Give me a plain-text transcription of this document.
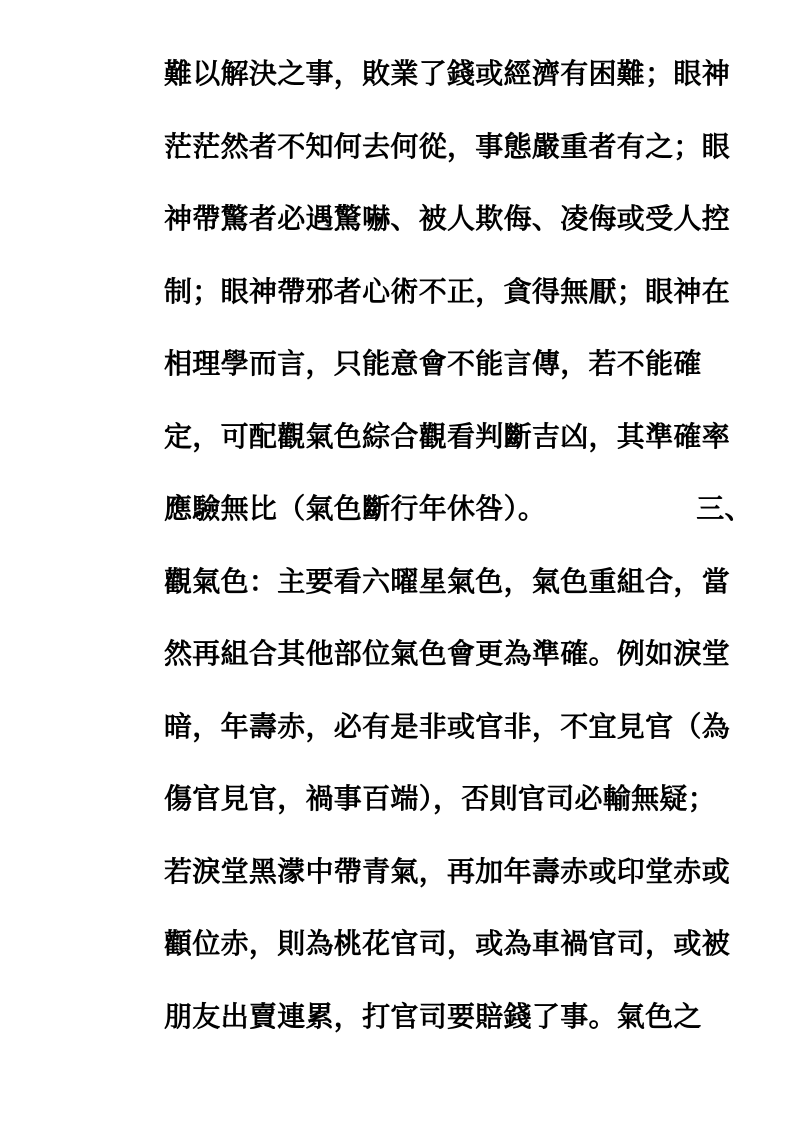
難以解決之事，敗業了錢或經濟有困難；眼神
茫茫然者不知何去何從，事態嚴重者有之；眼
神帶驚者必遇驚嚇、被人欺侮、凌侮或受人控
制；眼神帶邪者心術不正，貪得無厭；眼神在
相理學而言，只能意會不能言傳，若不能確
定，可配觀氣色綜合觀看判斷吉凶，其準確率
應驗無比（氣色斷行年休咎）。	三、
觀氣色：主要看六曜星氣色，氣色重組合，當
然再組合其他部位氣色會更為準確。例如淚堂
暗，年壽赤，必有是非或官非，不宜見官（為
傷官見官，禍事百端），否則官司必輸無疑；
若淚堂黑濛中帶青氣，再加年壽赤或印堂赤或
顴位赤，則為桃花官司，或為車禍官司，或被
朋友出賣連累，打官司要賠錢了事。氣色之
